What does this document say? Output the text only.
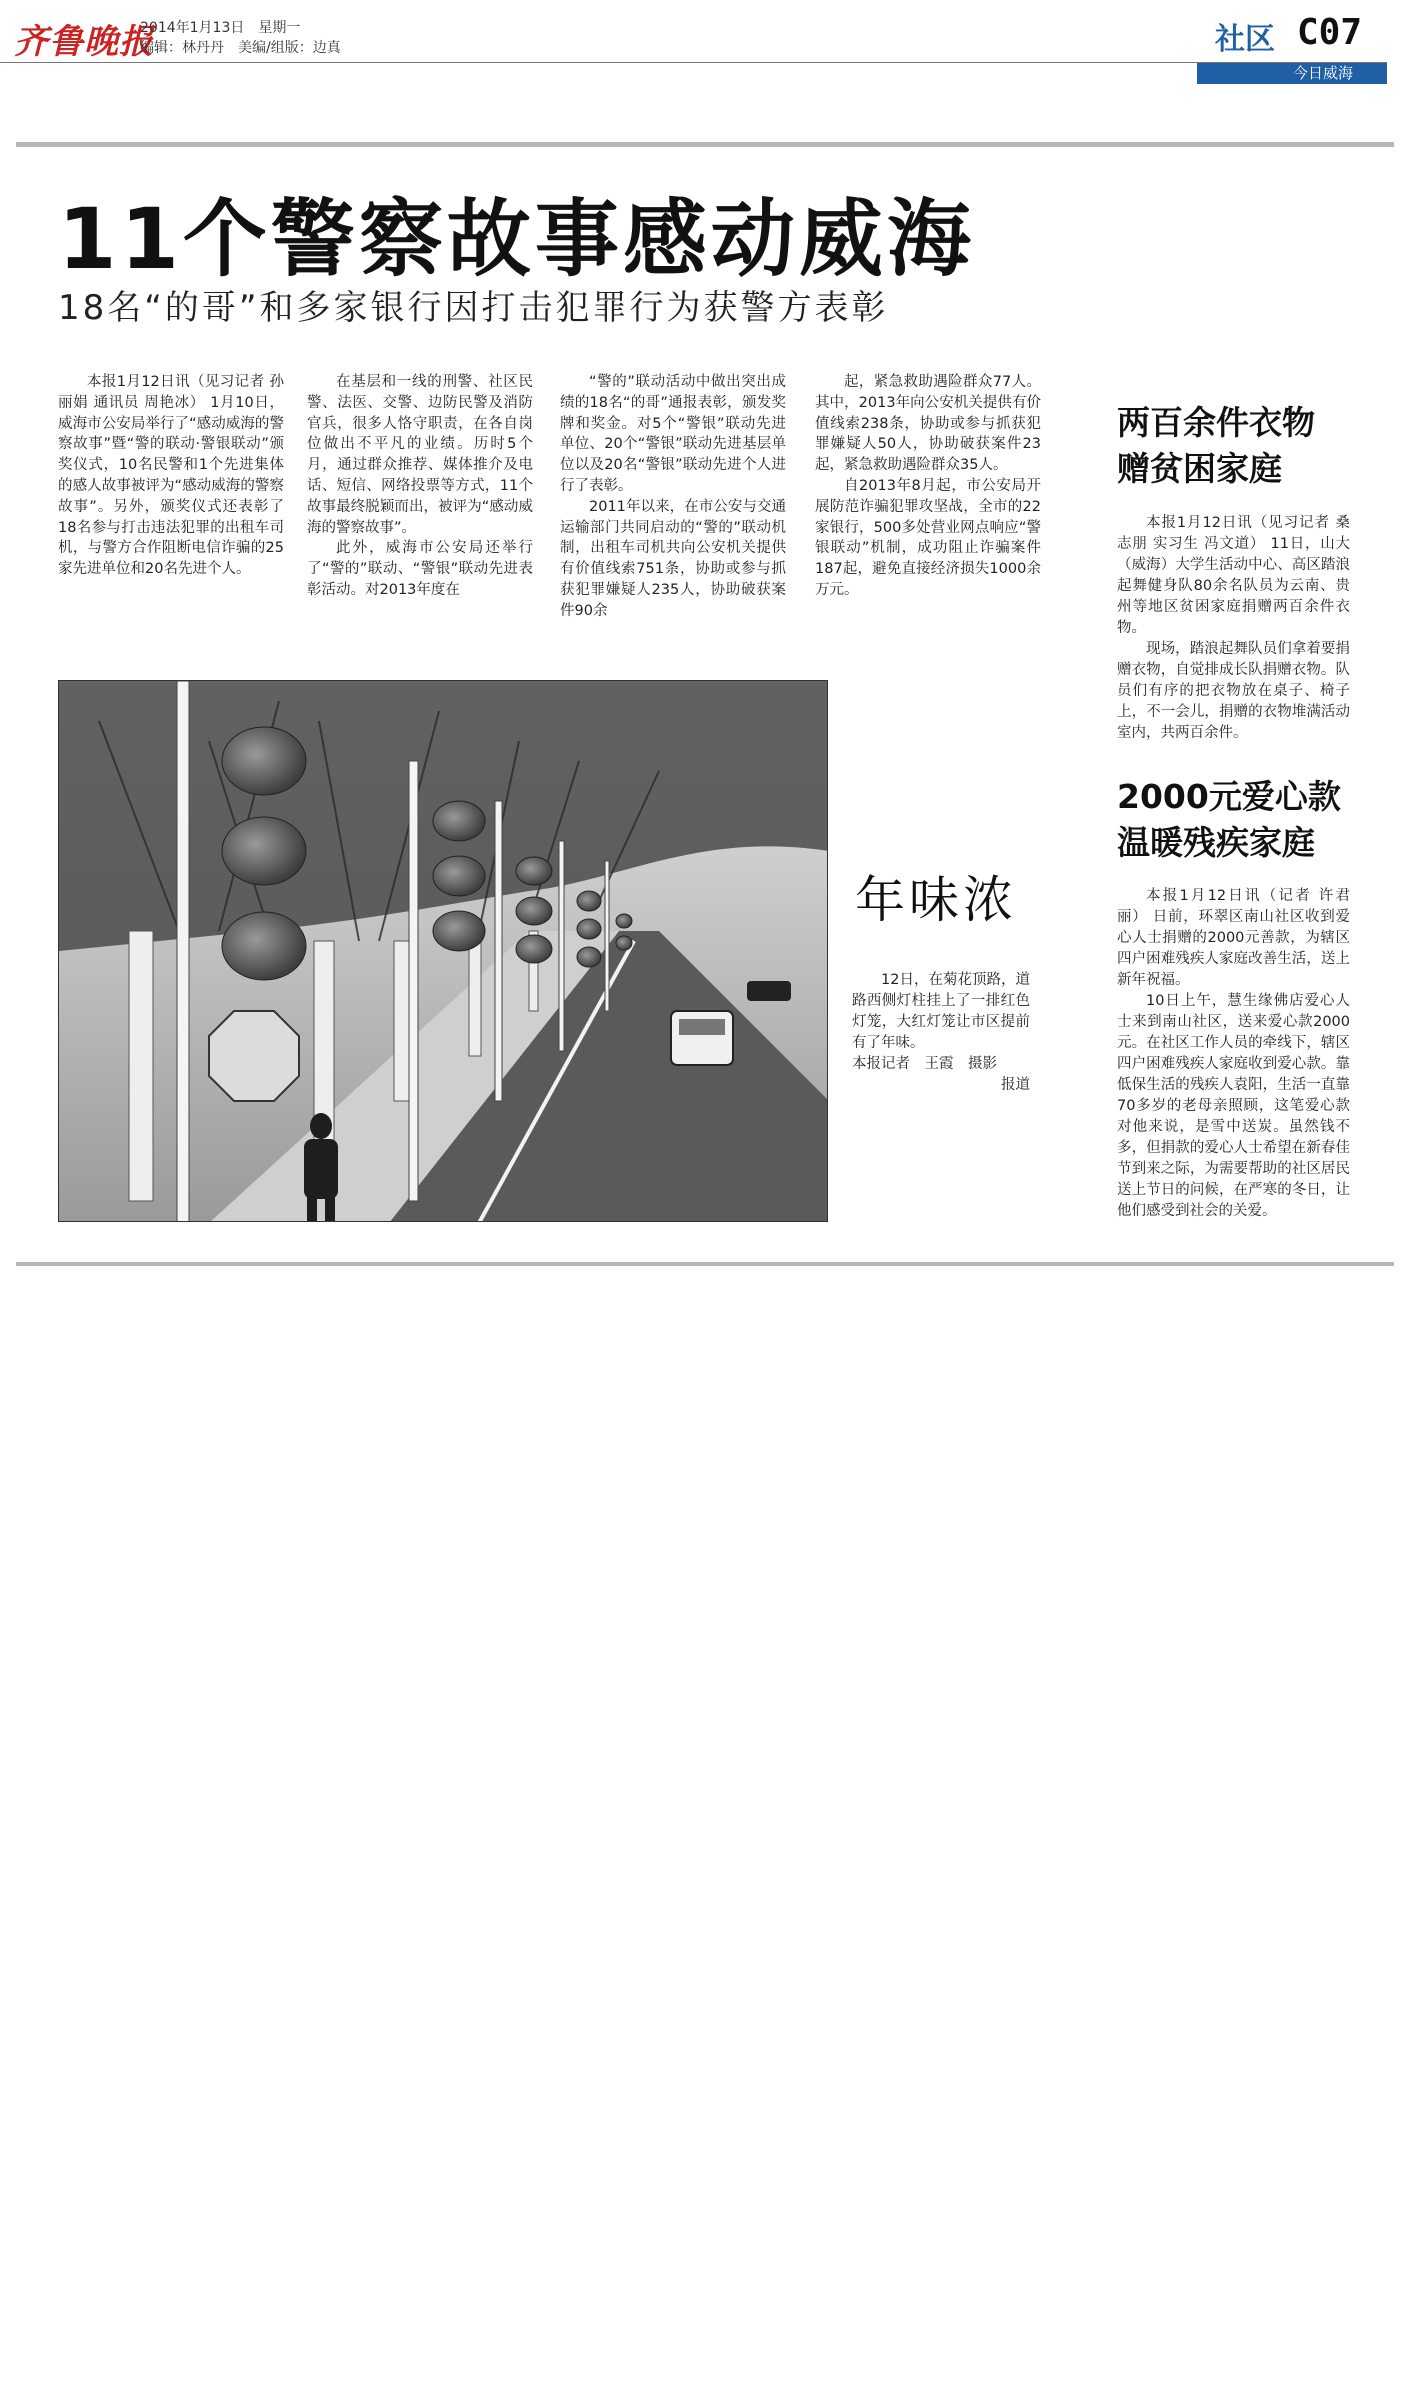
齐鲁晚报
2014年1月13日　星期一
编辑：林丹丹　美编/组版：边真	社区 C07
今日威海
11个警察故事感动威海
18名“的哥”和多家银行因打击犯罪行为获警方表彰

本报1月12日讯（见习记者 孙丽娟 通讯员 周艳冰） 1月10日，威海市公安局举行了“感动威海的警察故事”暨“警的联动·警银联动”颁奖仪式，10名民警和1个先进集体的感人故事被评为“感动威海的警察故事”。另外，颁奖仪式还表彰了18名参与打击违法犯罪的出租车司机，与警方合作阻断电信诈骗的25家先进单位和20名先进个人。

在基层和一线的刑警、社区民警、法医、交警、边防民警及消防官兵，很多人恪守职责，在各自岗位做出不平凡的业绩。历时5个月，通过群众推荐、媒体推介及电话、短信、网络投票等方式，11个故事最终脱颖而出，被评为“感动威海的警察故事”。

此外，威海市公安局还举行了“警的”联动、“警银”联动先进表彰活动。对2013年度在

“警的”联动活动中做出突出成绩的18名“的哥”通报表彰，颁发奖牌和奖金。对5个“警银”联动先进单位、20个“警银”联动先进基层单位以及20名“警银”联动先进个人进行了表彰。

2011年以来，在市公安与交通运输部门共同启动的“警的”联动机制，出租车司机共向公安机关提供有价值线索751条，协助或参与抓获犯罪嫌疑人235人，协助破获案件90余

起，紧急救助遇险群众77人。其中，2013年向公安机关提供有价值线索238条，协助或参与抓获犯罪嫌疑人50人，协助破获案件23起，紧急救助遇险群众35人。

自2013年8月起，市公安局开展防范诈骗犯罪攻坚战，全市的22家银行，500多处营业网点响应“警银联动”机制，成功阻止诈骗案件187起，避免直接经济损失1000余万元。

年味浓

12日，在菊花顶路，道路西侧灯柱挂上了一排红色灯笼，大红灯笼让市区提前有了年味。

本报记者　王霞　摄影

报道

两百余件衣物
赠贫困家庭

本报1月12日讯（见习记者 桑志朋 实习生 冯文道） 11日，山大（威海）大学生活动中心、高区踏浪起舞健身队80余名队员为云南、贵州等地区贫困家庭捐赠两百余件衣物。

现场，踏浪起舞队员们拿着要捐赠衣物，自觉排成长队捐赠衣物。队员们有序的把衣物放在桌子、椅子上，不一会儿，捐赠的衣物堆满活动室内，共两百余件。

2000元爱心款
温暖残疾家庭

本报1月12日讯（记者 许君丽） 日前，环翠区南山社区收到爱心人士捐赠的2000元善款，为辖区四户困难残疾人家庭改善生活，送上新年祝福。

10日上午，慧生缘佛店爱心人士来到南山社区，送来爱心款2000元。在社区工作人员的牵线下，辖区四户困难残疾人家庭收到爱心款。靠低保生活的残疾人袁阳，生活一直靠70多岁的老母亲照顾，这笔爱心款对他来说，是雪中送炭。虽然钱不多，但捐款的爱心人士希望在新春佳节到来之际，为需要帮助的社区居民送上节日的问候，在严寒的冬日，让他们感受到社会的关爱。
